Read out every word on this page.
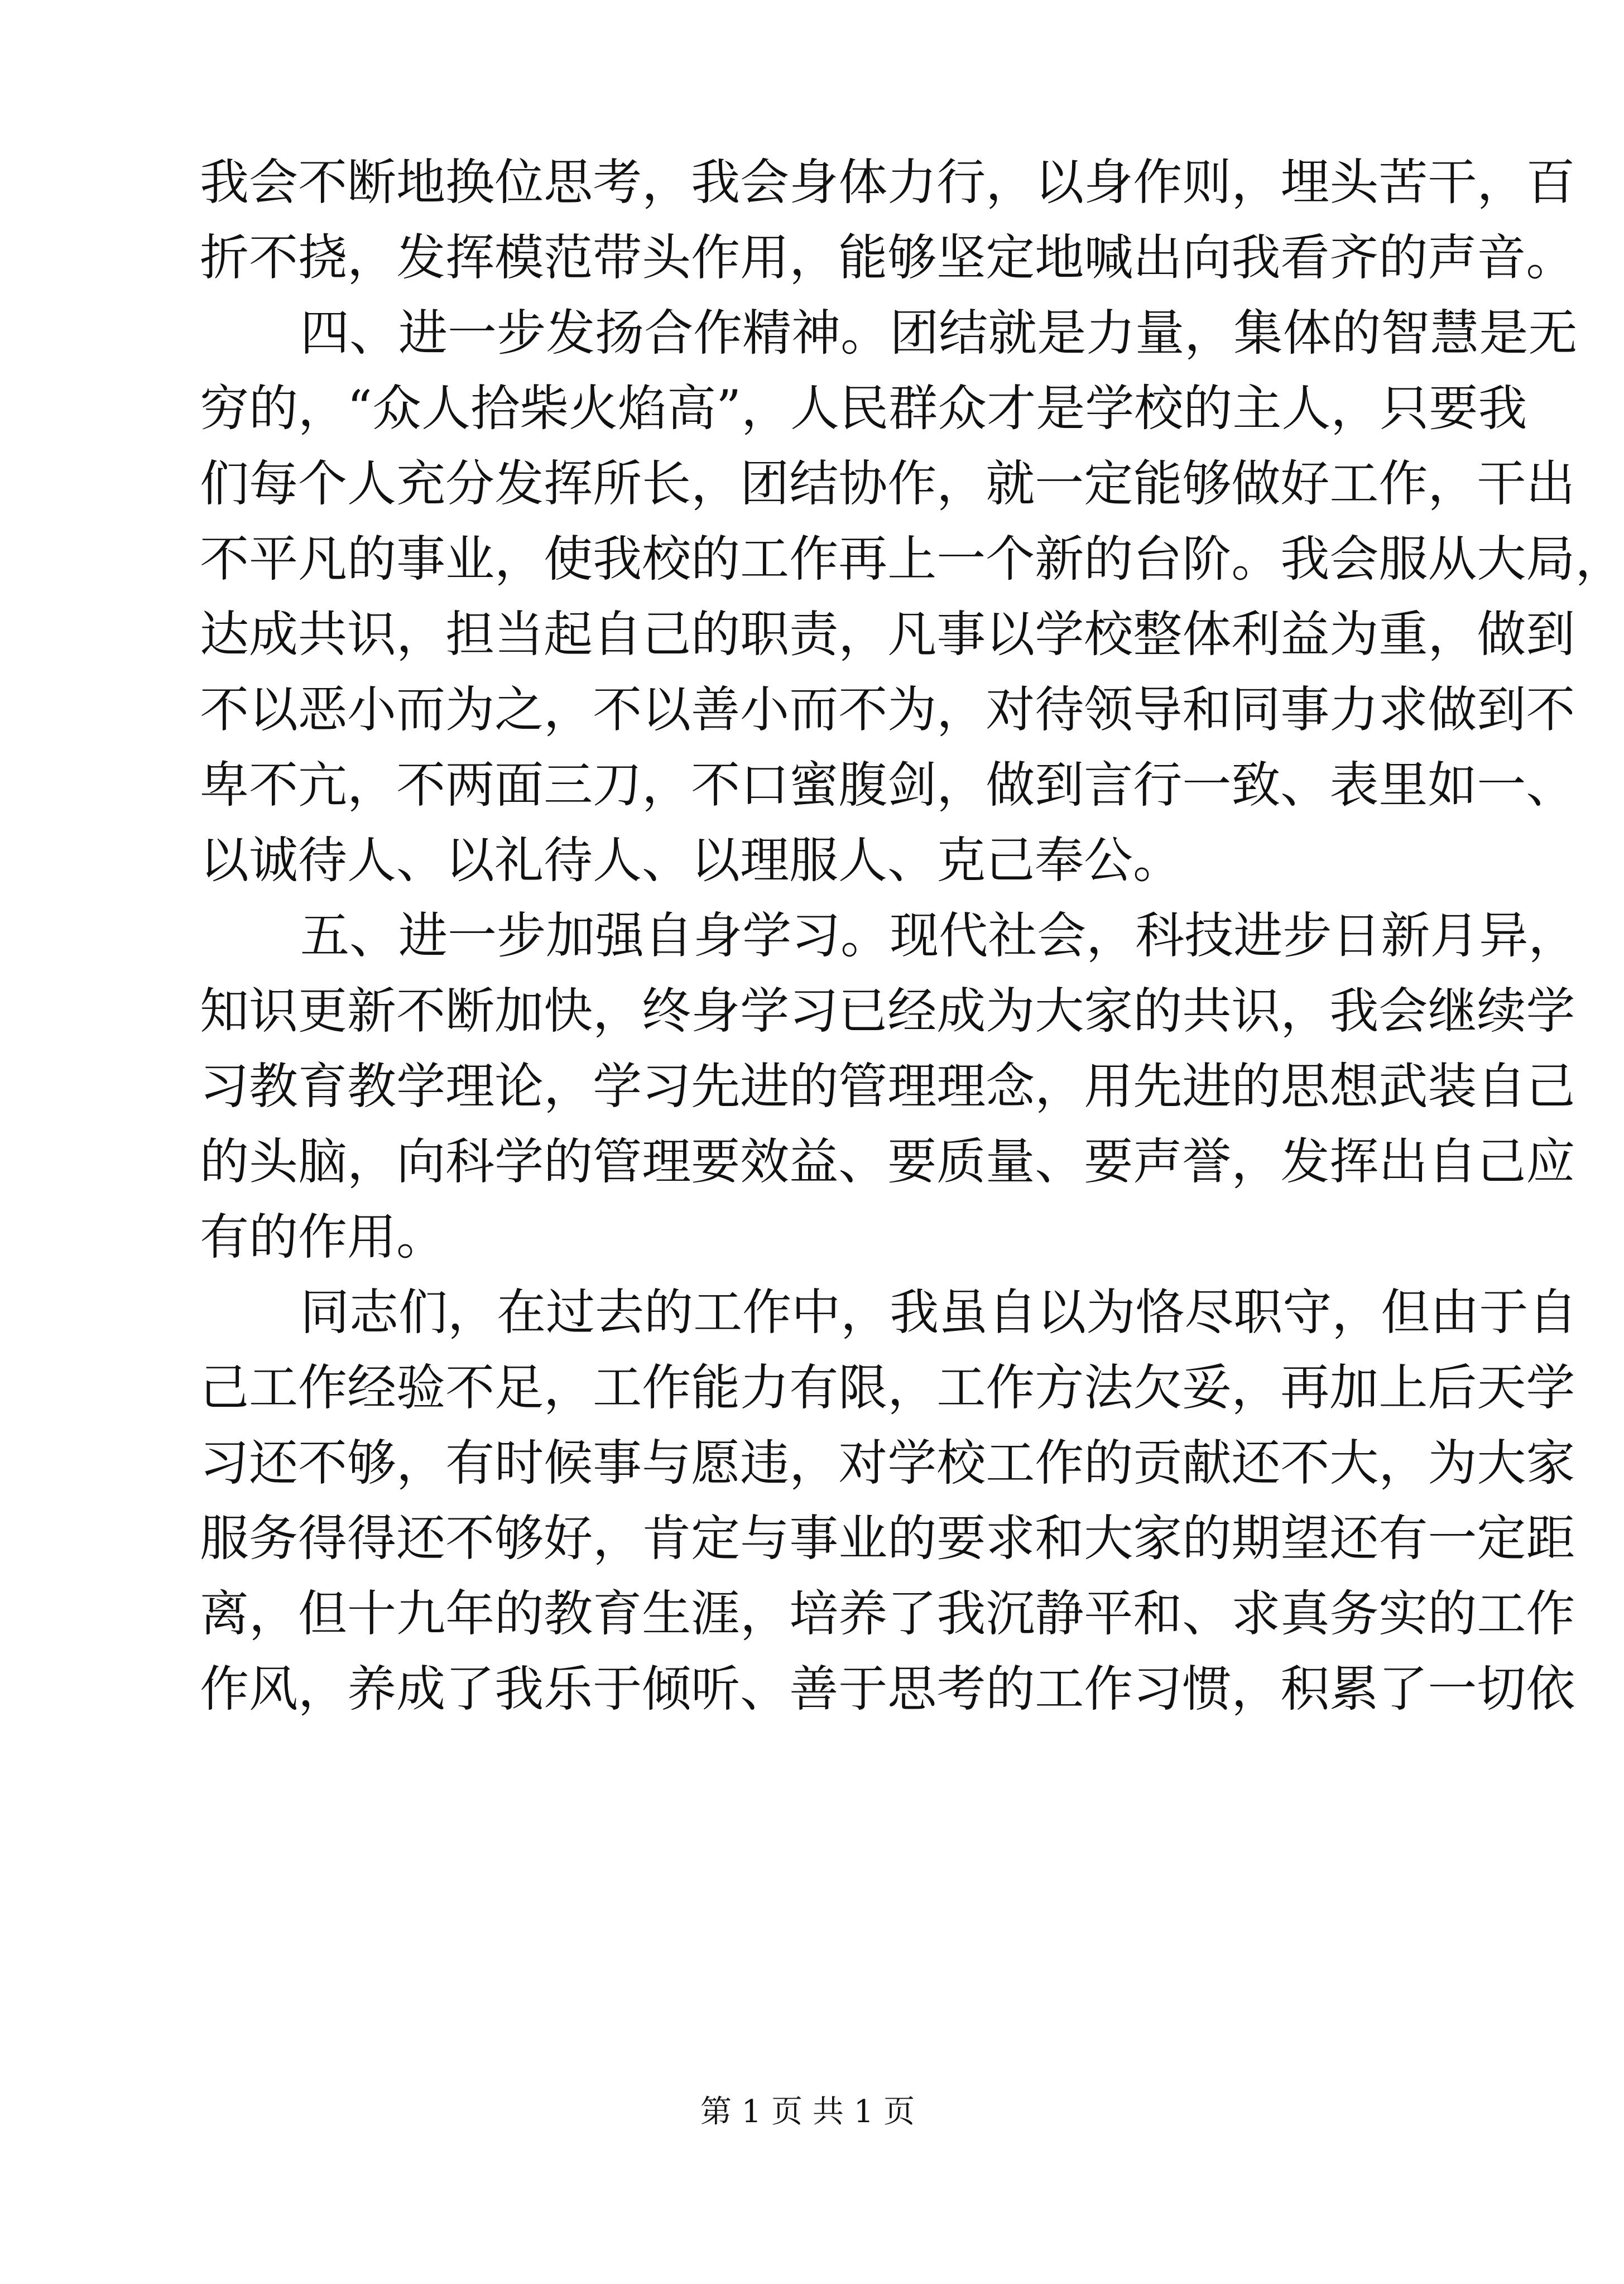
我 会 不 断 地 换 位 思 考 ， 我 会 身 体 力 行 ， 以 身 作 则 ， 埋 头 苦 干 ， 百
折 不 挠 ， 发 挥 模 范 带 头 作 用 ， 能 够 坚 定 地 喊 出 向 我 看 齐 的 声 音 。
四 、 进 一 步 发 扬 合 作 精 神 。 团 结 就 是 力 量 ， 集 体 的 智 慧 是 无
穷 的 ， “ 众 人 拾 柴 火 焰 高 ” ， 人 民 群 众 才 是 学 校 的 主 人 ， 只 要 我
们 每 个 人 充 分 发 挥 所 长 ， 团 结 协 作 ， 就 一 定 能 够 做 好 工 作 ， 干 出
不 平 凡 的 事 业 ， 使 我 校 的 工 作 再 上 一 个 新 的 台 阶 。 我 会 服 从 大 局 ，
达 成 共 识 ， 担 当 起 自 己 的 职 责 ， 凡 事 以 学 校 整 体 利 益 为 重 ， 做 到
不 以 恶 小 而 为 之 ， 不 以 善 小 而 不 为 ， 对 待 领 导 和 同 事 力 求 做 到 不
卑 不 亢 ， 不 两 面 三 刀 ， 不 口 蜜 腹 剑 ， 做 到 言 行 一 致 、 表 里 如 一 、
以诚待人、以礼待人、以理服人、克己奉公。
五 、 进 一 步 加 强 自 身 学 习 。 现 代 社 会 ， 科 技 进 步 日 新 月 异 ，
知 识 更 新 不 断 加 快 ， 终 身 学 习 已 经 成 为 大 家 的 共 识 ， 我 会 继 续 学
习 教 育 教 学 理 论 ， 学 习 先 进 的 管 理 理 念 ， 用 先 进 的 思 想 武 装 自 己
的 头 脑 ， 向 科 学 的 管 理 要 效 益 、 要 质 量 、 要 声 誉 ， 发 挥 出 自 己 应
有的作用。
同 志 们 ， 在 过 去 的 工 作 中 ， 我 虽 自 以 为 恪 尽 职 守 ， 但 由 于 自
己 工 作 经 验 不 足 ， 工 作 能 力 有 限 ， 工 作 方 法 欠 妥 ， 再 加 上 后 天 学
习 还 不 够 ， 有 时 候 事 与 愿 违 ， 对 学 校 工 作 的 贡 献 还 不 大 ， 为 大 家
服 务 得 得 还 不 够 好 ， 肯 定 与 事 业 的 要 求 和 大 家 的 期 望 还 有 一 定 距
离 ， 但 十 九 年 的 教 育 生 涯 ， 培 养 了 我 沉 静 平 和 、 求 真 务 实 的 工 作
作 风 ， 养 成 了 我 乐 于 倾 听 、 善 于 思 考 的 工 作 习 惯 ， 积 累 了 一 切 依
第 1 页 共 1 页
